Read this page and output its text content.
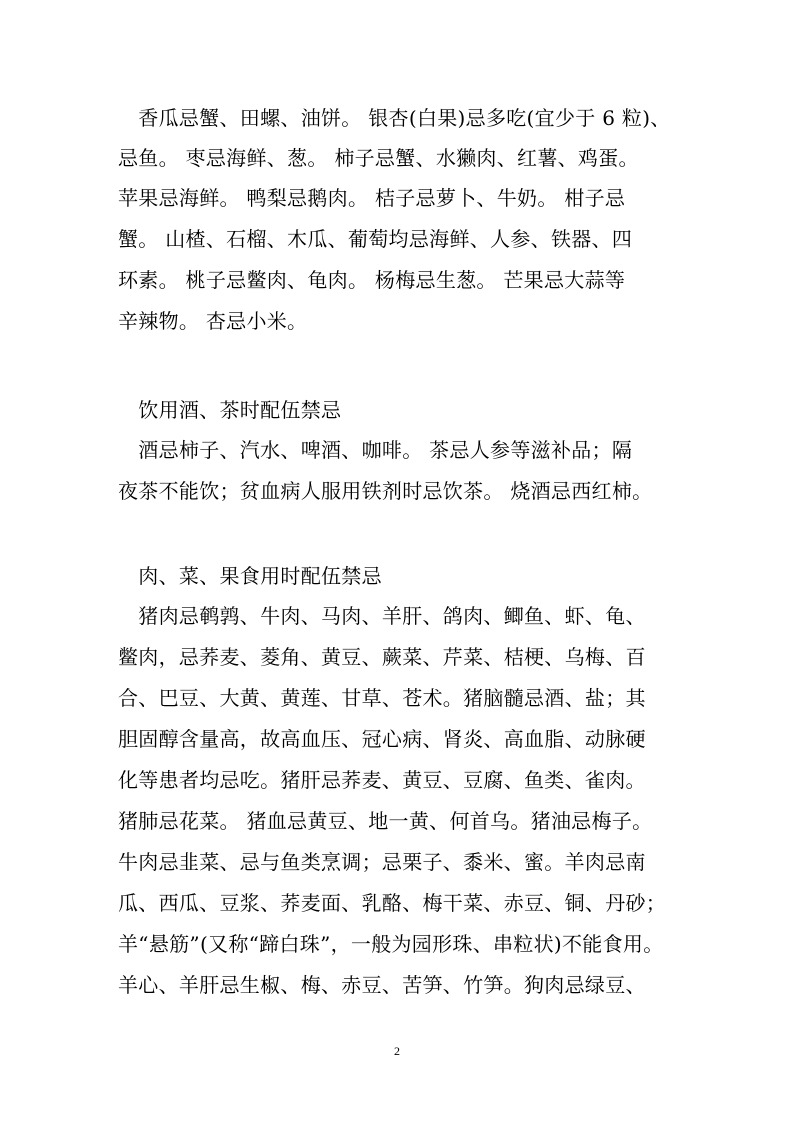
　香瓜忌蟹、田螺、油饼。 银杏(白果)忌多吃(宜少于 6 粒)、
忌鱼。 枣忌海鲜、葱。 柿子忌蟹、水獭肉、红薯、鸡蛋。
苹果忌海鲜。 鸭梨忌鹅肉。 桔子忌萝卜、牛奶。 柑子忌
蟹。 山楂、石榴、木瓜、葡萄均忌海鲜、人参、铁器、四
环素。 桃子忌鳖肉、龟肉。 杨梅忌生葱。 芒果忌大蒜等
辛辣物。 杏忌小米。
　饮用酒、茶时配伍禁忌
　酒忌柿子、汽水、啤酒、咖啡。 茶忌人参等滋补品；隔
夜茶不能饮；贫血病人服用铁剂时忌饮茶。 烧酒忌西红柿。
　肉、菜、果食用时配伍禁忌
　猪肉忌鹌鹑、牛肉、马肉、羊肝、鸽肉、鲫鱼、虾、龟、
鳖肉，忌荞麦、菱角、黄豆、蕨菜、芹菜、桔梗、乌梅、百
合、巴豆、大黄、黄莲、甘草、苍术。猪脑髓忌酒、盐；其
胆固醇含量高，故高血压、冠心病、肾炎、高血脂、动脉硬
化等患者均忌吃。猪肝忌荞麦、黄豆、豆腐、鱼类、雀肉。
猪肺忌花菜。 猪血忌黄豆、地一黄、何首乌。猪油忌梅子。
牛肉忌韭菜、忌与鱼类烹调；忌栗子、黍米、蜜。羊肉忌南
瓜、西瓜、豆浆、荞麦面、乳酪、梅干菜、赤豆、铜、丹砂；
羊“悬筋”(又称“蹄白珠”，一般为园形珠、串粒状)不能食用。
羊心、羊肝忌生椒、梅、赤豆、苦笋、竹笋。狗肉忌绿豆、
2
